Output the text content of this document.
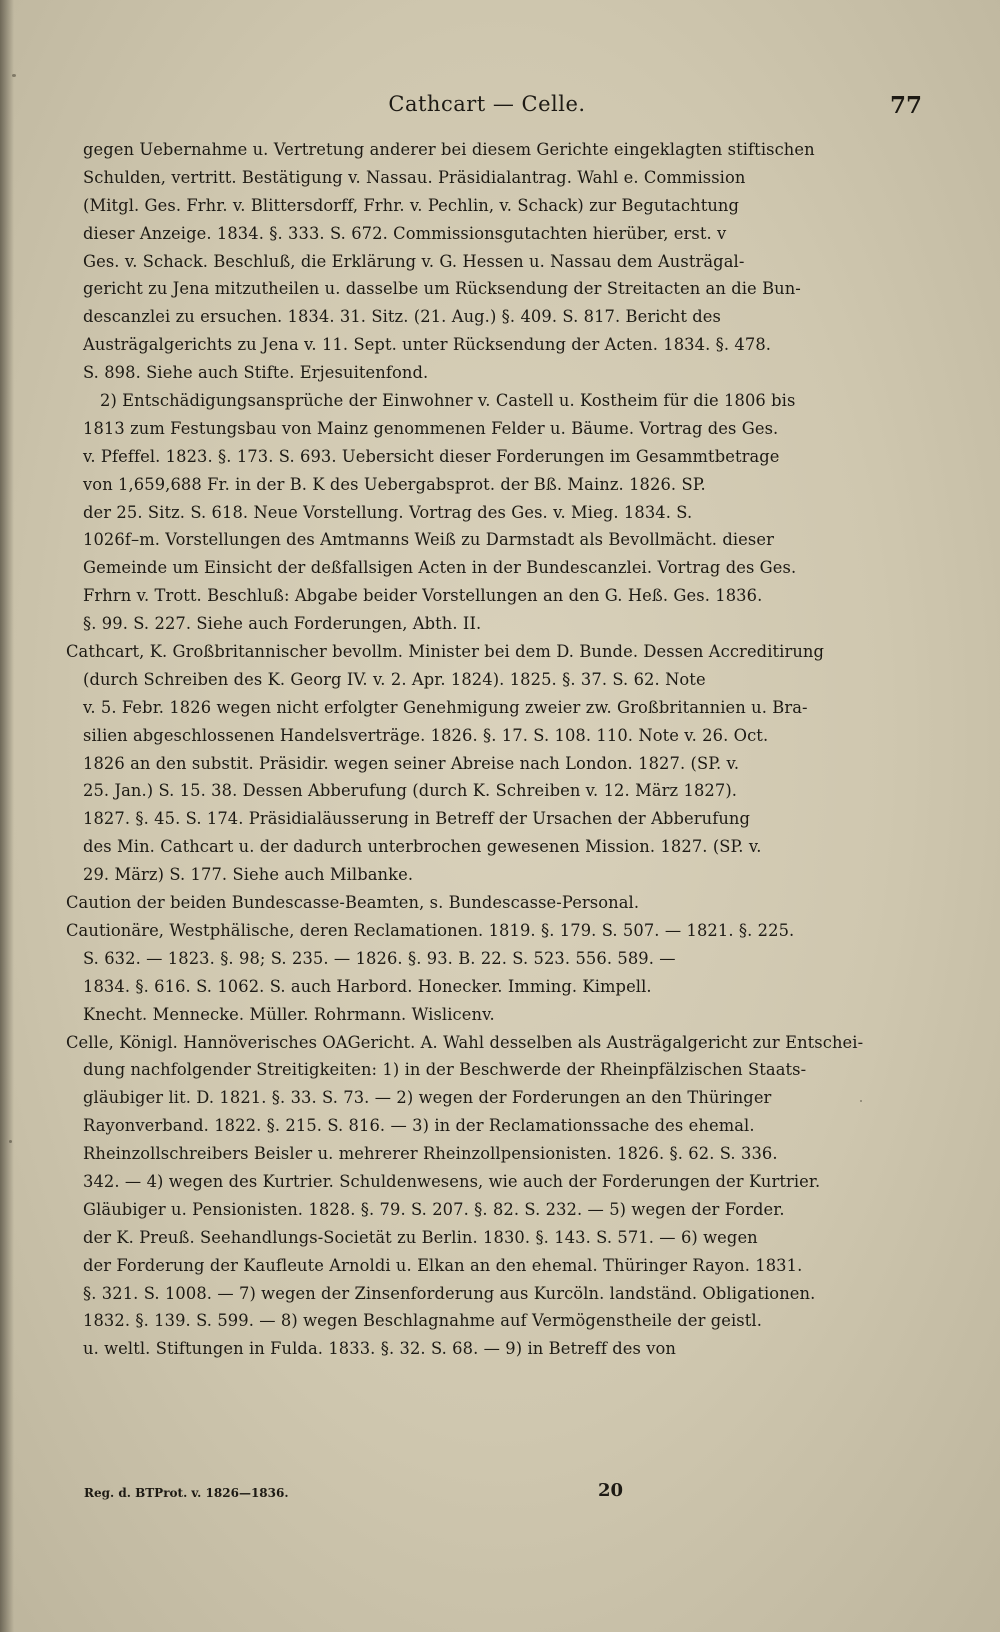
Cathcart — Celle.	77
gegen Uebernahme u. Vertretung anderer bei diesem Gerichte eingeklagten stiftischen
Schulden, vertritt. Bestätigung v. Nassau. Präsidialantrag. Wahl e. Commission
(Mitgl. Ges. Frhr. v. Blittersdorff, Frhr. v. Pechlin, v. Schack) zur Begutachtung
dieser Anzeige. 1834. §. 333. S. 672. Commissionsgutachten hierüber, erst. v
Ges. v. Schack. Beschluß, die Erklärung v. G. Hessen u. Nassau dem Austrägal-
gericht zu Jena mitzutheilen u. dasselbe um Rücksendung der Streitacten an die Bun-
descanzlei zu ersuchen. 1834. 31. Sitz. (21. Aug.) §. 409. S. 817. Bericht des
Austrägalgerichts zu Jena v. 11. Sept. unter Rücksendung der Acten. 1834. §. 478.
S. 898. Siehe auch Stifte. Erjesuitenfond.
2) Entschädigungsansprüche der Einwohner v. Castell u. Kostheim für die 1806 bis
1813 zum Festungsbau von Mainz genommenen Felder u. Bäume. Vortrag des Ges.
v. Pfeffel. 1823. §. 173. S. 693. Uebersicht dieser Forderungen im Gesammtbetrage
von 1,659,688 Fr. in der B. K des Uebergabsprot. der Bß. Mainz. 1826. SP.
der 25. Sitz. S. 618. Neue Vorstellung. Vortrag des Ges. v. Mieg. 1834. S.
1026f–m. Vorstellungen des Amtmanns Weiß zu Darmstadt als Bevollmächt. dieser
Gemeinde um Einsicht der deßfallsigen Acten in der Bundescanzlei. Vortrag des Ges.
Frhrn v. Trott. Beschluß: Abgabe beider Vorstellungen an den G. Heß. Ges. 1836.
§. 99. S. 227. Siehe auch Forderungen, Abth. II.
Cathcart, K. Großbritannischer bevollm. Minister bei dem D. Bunde. Dessen Accreditirung
(durch Schreiben des K. Georg IV. v. 2. Apr. 1824). 1825. §. 37. S. 62. Note
v. 5. Febr. 1826 wegen nicht erfolgter Genehmigung zweier zw. Großbritannien u. Bra-
silien abgeschlossenen Handelsverträge. 1826. §. 17. S. 108. 110. Note v. 26. Oct.
1826 an den substit. Präsidir. wegen seiner Abreise nach London. 1827. (SP. v.
25. Jan.) S. 15. 38. Dessen Abberufung (durch K. Schreiben v. 12. März 1827).
1827. §. 45. S. 174. Präsidialäusserung in Betreff der Ursachen der Abberufung
des Min. Cathcart u. der dadurch unterbrochen gewesenen Mission. 1827. (SP. v.
29. März) S. 177. Siehe auch Milbanke.
Caution der beiden Bundescasse-Beamten, s. Bundescasse-Personal.
Cautionäre, Westphälische, deren Reclamationen. 1819. §. 179. S. 507. — 1821. §. 225.
S. 632. — 1823. §. 98; S. 235. — 1826. §. 93. B. 22. S. 523. 556. 589. —
1834. §. 616. S. 1062. S. auch Harbord. Honecker. Imming. Kimpell.
Knecht. Mennecke. Müller. Rohrmann. Wislicenv.
Celle, Königl. Hannöverisches OAGericht. A. Wahl desselben als Austrägalgericht zur Entschei-
dung nachfolgender Streitigkeiten: 1) in der Beschwerde der Rheinpfälzischen Staats-
gläubiger lit. D. 1821. §. 33. S. 73. — 2) wegen der Forderungen an den Thüringer
Rayonverband. 1822. §. 215. S. 816. — 3) in der Reclamationssache des ehemal.
Rheinzollschreibers Beisler u. mehrerer Rheinzollpensionisten. 1826. §. 62. S. 336.
342. — 4) wegen des Kurtrier. Schuldenwesens, wie auch der Forderungen der Kurtrier.
Gläubiger u. Pensionisten. 1828. §. 79. S. 207. §. 82. S. 232. — 5) wegen der Forder.
der K. Preuß. Seehandlungs-Societät zu Berlin. 1830. §. 143. S. 571. — 6) wegen
der Forderung der Kaufleute Arnoldi u. Elkan an den ehemal. Thüringer Rayon. 1831.
§. 321. S. 1008. — 7) wegen der Zinsenforderung aus Kurcöln. landständ. Obligationen.
1832. §. 139. S. 599. — 8) wegen Beschlagnahme auf Vermögenstheile der geistl.
u. weltl. Stiftungen in Fulda. 1833. §. 32. S. 68. — 9) in Betreff des von
Reg. d. BTProt. v. 1826—1836.	20
